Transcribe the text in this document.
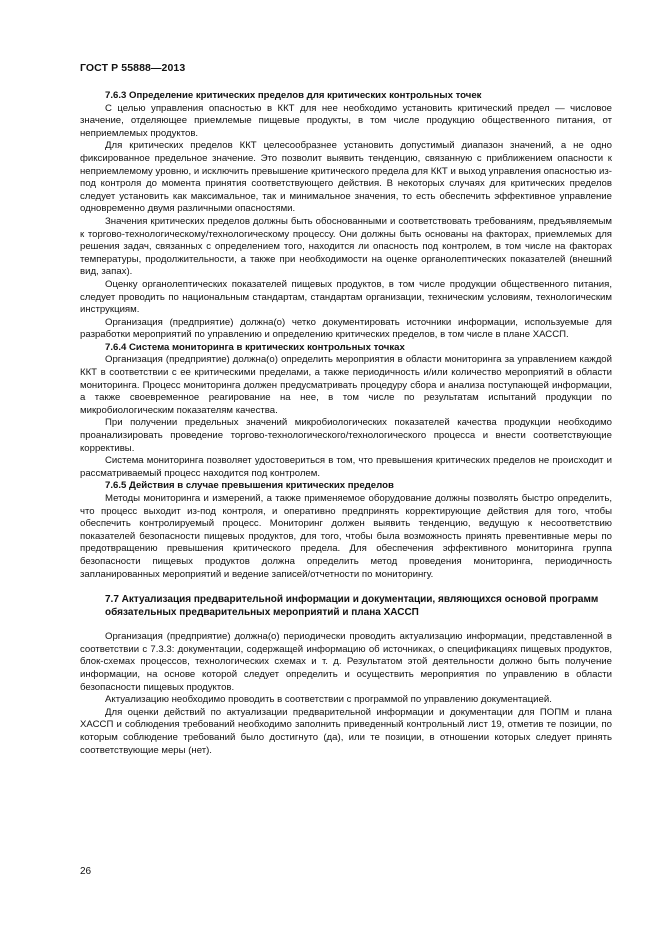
ГОСТ Р 55888—2013
7.6.3 Определение критических пределов для критических контрольных точек

С целью управления опасностью в ККТ для нее необходимо установить критический предел — числовое значение, отделяющее приемлемые пищевые продукты, в том числе продукцию общественного питания, от неприемлемых продуктов.

Для критических пределов ККТ целесообразнее установить допустимый диапазон значений, а не одно фиксированное предельное значение. Это позволит выявить тенденцию, связанную с приближением опасности к неприемлемому уровню, и исключить превышение критического предела для ККТ и выход управления опасностью из-под контроля до момента принятия соответствующего действия. В некоторых случаях для критических пределов следует установить как максимальное, так и минимальное значения, то есть обеспечить эффективное управление одновременно двумя различными опасностями.

Значения критических пределов должны быть обоснованными и соответствовать требованиям, предъявляемым к торгово-технологическому/технологическому процессу. Они должны быть основаны на факторах, приемлемых для решения задач, связанных с определением того, находится ли опасность под контролем, в том числе на факторах температуры, продолжительности, а также при необходимости на оценке органолептических показателей (внешний вид, запах).

Оценку органолептических показателей пищевых продуктов, в том числе продукции общественного питания, следует проводить по национальным стандартам, стандартам организации, техническим условиям, технологическим инструкциям.

Организация (предприятие) должна(о) четко документировать источники информации, используемые для разработки мероприятий по управлению и определению критических пределов, в том числе в плане ХАССП.

7.6.4 Система мониторинга в критических контрольных точках

Организация (предприятие) должна(о) определить мероприятия в области мониторинга за управлением каждой ККТ в соответствии с ее критическими пределами, а также периодичность и/или количество мероприятий в области мониторинга. Процесс мониторинга должен предусматривать процедуру сбора и анализа поступающей информации, а также своевременное реагирование на нее, в том числе по результатам испытаний продукции по микробиологическим показателям качества.

При получении предельных значений микробиологических показателей качества продукции необходимо проанализировать проведение торгово-технологического/технологического процесса и внести соответствующие коррективы.

Система мониторинга позволяет удостовериться в том, что превышения критических пределов не происходит и рассматриваемый процесс находится под контролем.

7.6.5 Действия в случае превышения критических пределов

Методы мониторинга и измерений, а также применяемое оборудование должны позволять быстро определить, что процесс выходит из-под контроля, и оперативно предпринять корректирующие действия для того, чтобы обеспечить контролируемый процесс. Мониторинг должен выявить тенденцию, ведущую к несоответствию показателей безопасности пищевых продуктов, для того, чтобы была возможность принять превентивные меры по предотвращению превышения критического предела. Для обеспечения эффективного мониторинга группа безопасности пищевых продуктов должна определить метод проведения мониторинга, периодичность запланированных мероприятий и ведение записей/отчетности по мониторингу.

7.7 Актуализация предварительной информации и документации, являющихся основой программ обязательных предварительных мероприятий и плана ХАССП

Организация (предприятие) должна(о) периодически проводить актуализацию информации, представленной в соответствии с 7.3.3: документации, содержащей информацию об источниках, о спецификациях пищевых продуктов, блок-схемах процессов, технологических схемах и т. д. Результатом этой деятельности должно быть получение информации, на основе которой следует определить и осуществить мероприятия по управлению в области безопасности пищевых продуктов.

Актуализацию необходимо проводить в соответствии с программой по управлению документацией.

Для оценки действий по актуализации предварительной информации и документации для ПОПМ и плана ХАССП и соблюдения требований необходимо заполнить приведенный контрольный лист 19, отметив те позиции, по которым соблюдение требований было достигнуто (да), или те позиции, в отношении которых следует принять соответствующие меры (нет).

26
